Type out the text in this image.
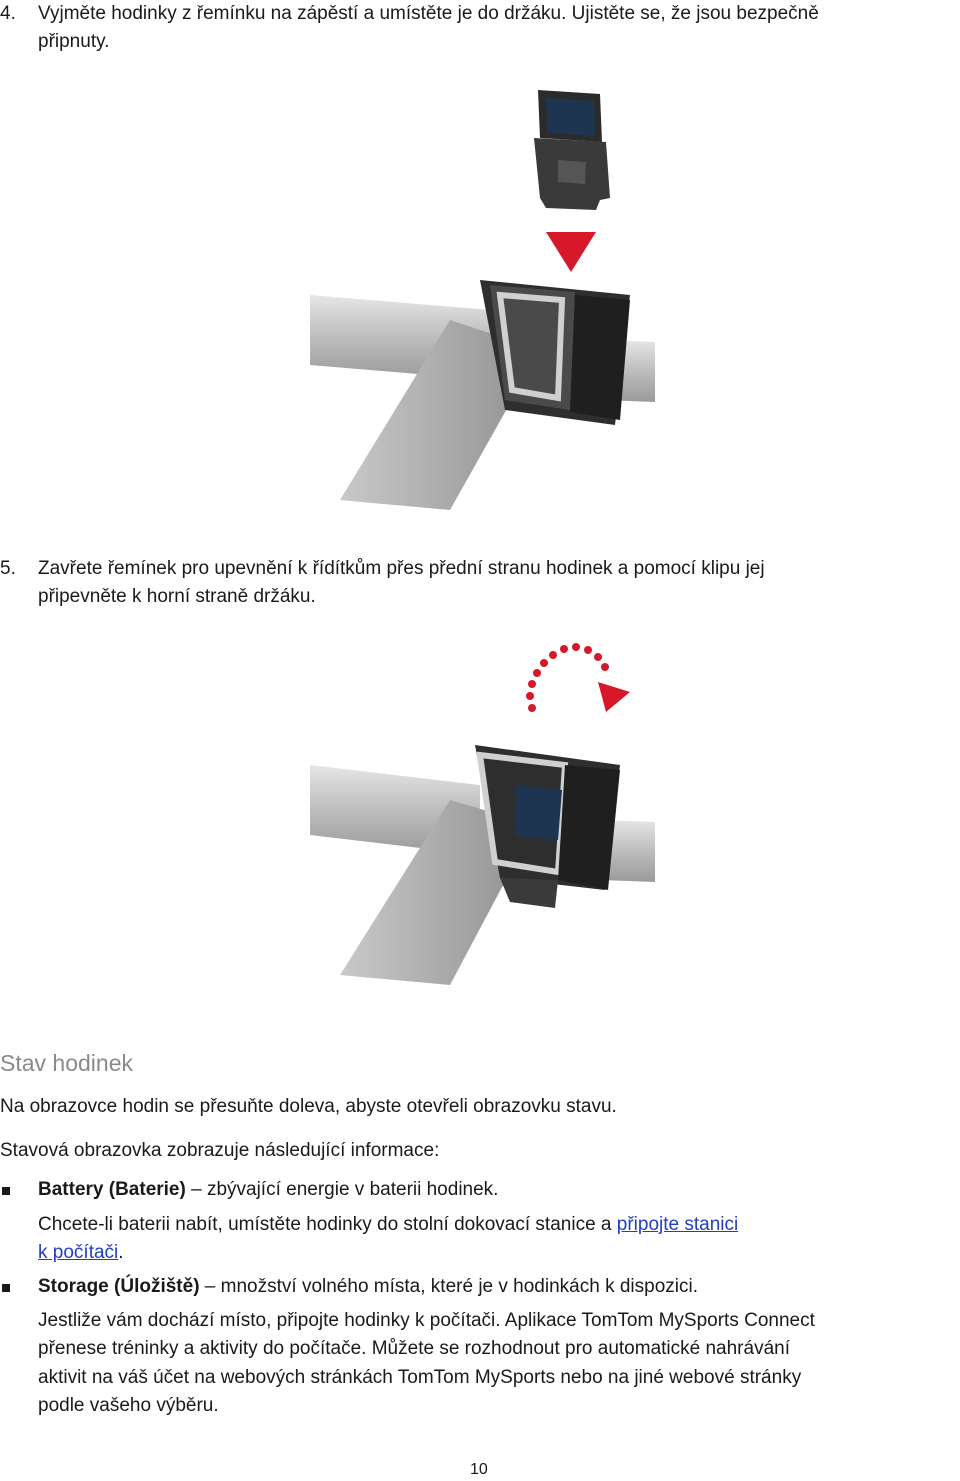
4. Vyjměte hodinky z řemínku na zápěstí a umístěte je do držáku. Ujistěte se, že jsou bezpečně
připnuty.
5. Zavřete řemínek pro upevnění k řídítkům přes přední stranu hodinek a pomocí klipu jej
připevněte k horní straně držáku.
Stav hodinek
Na obrazovce hodin se přesuňte doleva, abyste otevřeli obrazovku stavu.
Stavová obrazovka zobrazuje následující informace:
Battery (Baterie) – zbývající energie v baterii hodinek.
Chcete-li baterii nabít, umístěte hodinky do stolní dokovací stanice a připojte stanici
k počítači.
Storage (Úložiště) – množství volného místa, které je v hodinkách k dispozici.
Jestliže vám dochází místo, připojte hodinky k počítači. Aplikace TomTom MySports Connect
přenese tréninky a aktivity do počítače. Můžete se rozhodnout pro automatické nahrávání
aktivit na váš účet na webových stránkách TomTom MySports nebo na jiné webové stránky
podle vašeho výběru.
10
